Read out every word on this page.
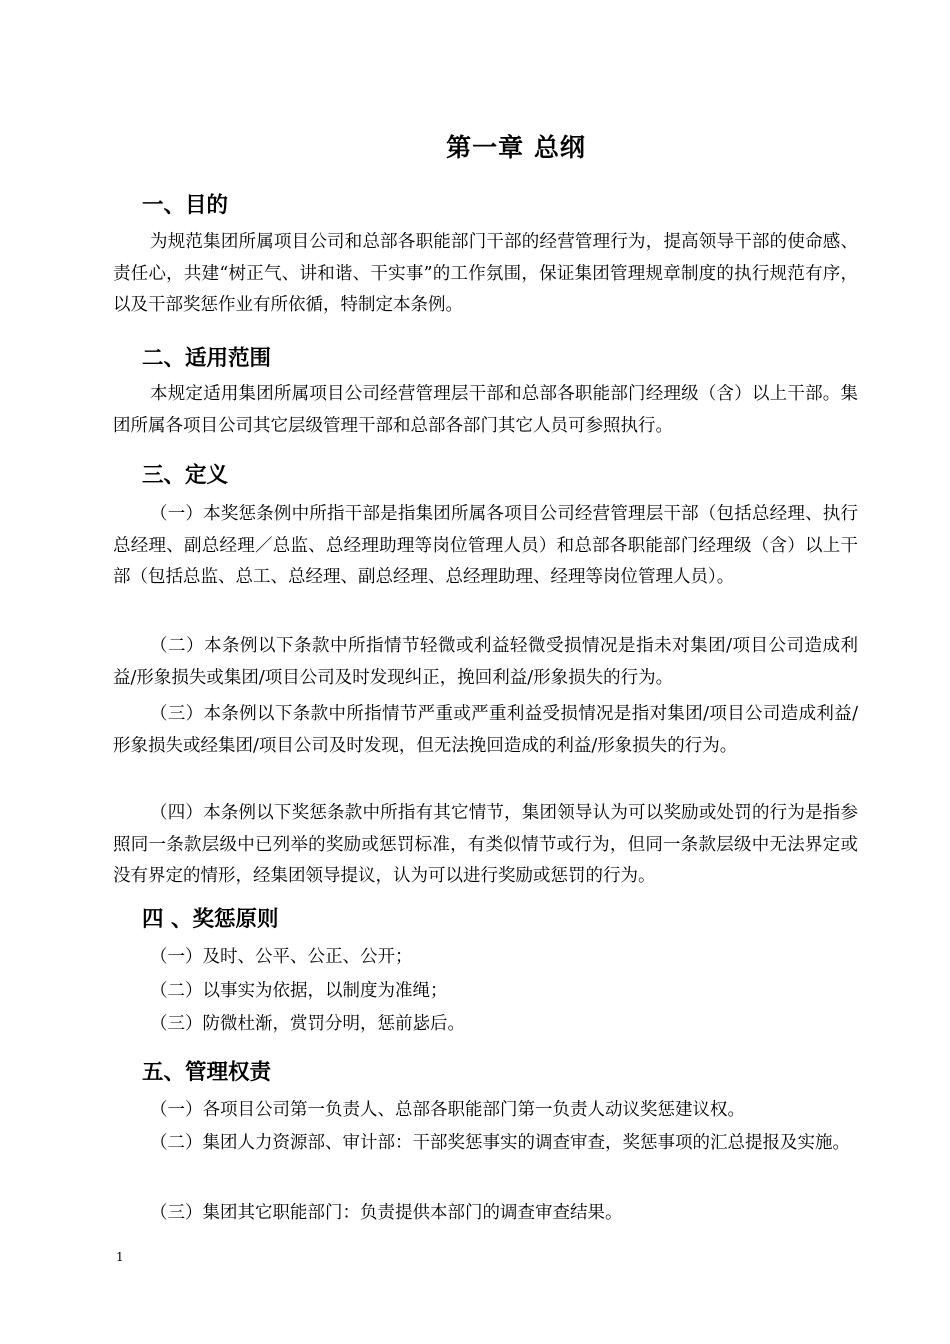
第一章 总纲
一、目的

为规范集团所属项目公司和总部各职能部门干部的经营管理行为，提高领导干部的使命感、责任心，共建“树正气、讲和谐、干实事”的工作氛围，保证集团管理规章制度的执行规范有序，以及干部奖惩作业有所依循，特制定本条例。

二、适用范围

本规定适用集团所属项目公司经营管理层干部和总部各职能部门经理级（含）以上干部。集团所属各项目公司其它层级管理干部和总部各部门其它人员可参照执行。

三、定义

（一）本奖惩条例中所指干部是指集团所属各项目公司经营管理层干部（包括总经理、执行总经理、副总经理／总监、总经理助理等岗位管理人员）和总部各职能部门经理级（含）以上干部（包括总监、总工、总经理、副总经理、总经理助理、经理等岗位管理人员）。

（二）本条例以下条款中所指情节轻微或利益轻微受损情况是指未对集团/项目公司造成利益/形象损失或集团/项目公司及时发现纠正，挽回利益/形象损失的行为。

（三）本条例以下条款中所指情节严重或严重利益受损情况是指对集团/项目公司造成利益/形象损失或经集团/项目公司及时发现，但无法挽回造成的利益/形象损失的行为。

（四）本条例以下奖惩条款中所指有其它情节，集团领导认为可以奖励或处罚的行为是指参照同一条款层级中已列举的奖励或惩罚标准，有类似情节或行为，但同一条款层级中无法界定或没有界定的情形，经集团领导提议，认为可以进行奖励或惩罚的行为。

四 、奖惩原则

（一）及时、公平、公正、公开；

（二）以事实为依据，以制度为准绳；

（三）防微杜渐，赏罚分明，惩前毖后。

五、管理权责

（一）各项目公司第一负责人、总部各职能部门第一负责人动议奖惩建议权。

（二）集团人力资源部、审计部：干部奖惩事实的调查审查，奖惩事项的汇总提报及实施。

（三）集团其它职能部门：负责提供本部门的调查审查结果。

1
